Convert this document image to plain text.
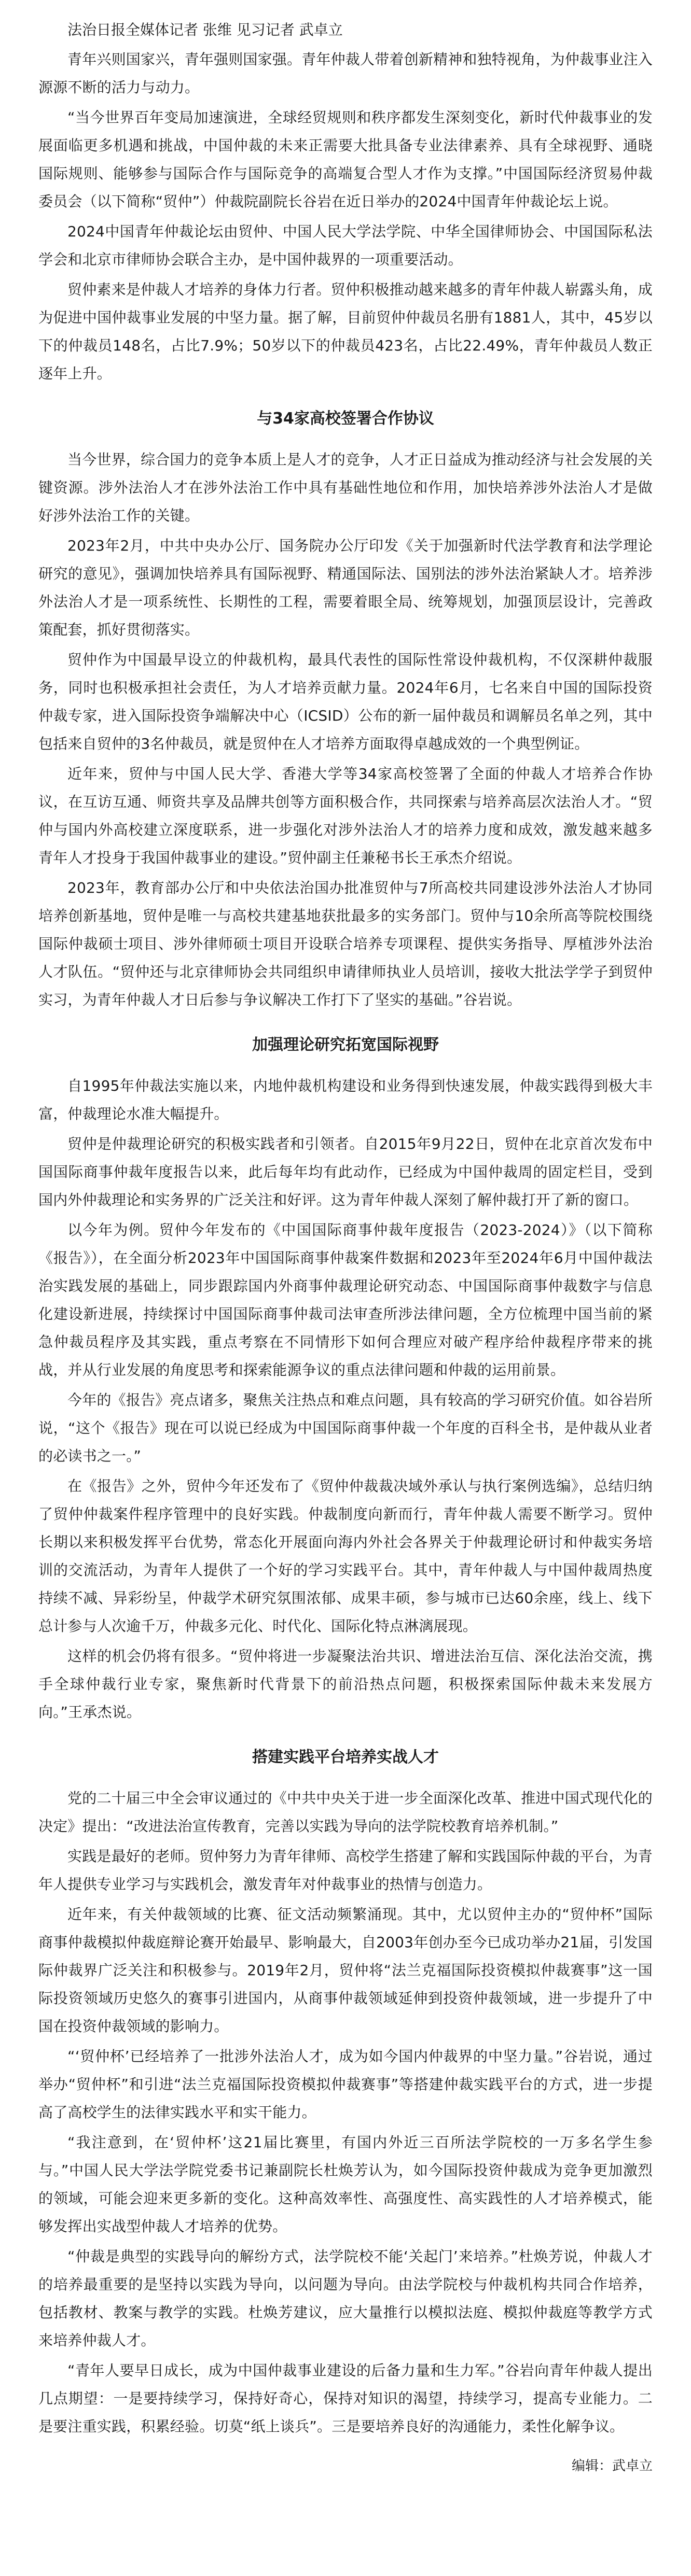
法治日报全媒体记者 张维 见习记者 武卓立

青年兴则国家兴，青年强则国家强。青年仲裁人带着创新精神和独特视角，为仲裁事业注入源源不断的活力与动力。

“当今世界百年变局加速演进，全球经贸规则和秩序都发生深刻变化，新时代仲裁事业的发展面临更多机遇和挑战，中国仲裁的未来正需要大批具备专业法律素养、具有全球视野、通晓国际规则、能够参与国际合作与国际竞争的高端复合型人才作为支撑。”中国国际经济贸易仲裁委员会（以下简称“贸仲”）仲裁院副院长谷岩在近日举办的2024中国青年仲裁论坛上说。

2024中国青年仲裁论坛由贸仲、中国人民大学法学院、中华全国律师协会、中国国际私法学会和北京市律师协会联合主办，是中国仲裁界的一项重要活动。

贸仲素来是仲裁人才培养的身体力行者。贸仲积极推动越来越多的青年仲裁人崭露头角，成为促进中国仲裁事业发展的中坚力量。据了解，目前贸仲仲裁员名册有1881人，其中，45岁以下的仲裁员148名，占比7.9%；50岁以下的仲裁员423名，占比22.49%，青年仲裁员人数正逐年上升。

与34家高校签署合作协议

当今世界，综合国力的竞争本质上是人才的竞争，人才正日益成为推动经济与社会发展的关键资源。涉外法治人才在涉外法治工作中具有基础性地位和作用，加快培养涉外法治人才是做好涉外法治工作的关键。

2023年2月，中共中央办公厅、国务院办公厅印发《关于加强新时代法学教育和法学理论研究的意见》，强调加快培养具有国际视野、精通国际法、国别法的涉外法治紧缺人才。培养涉外法治人才是一项系统性、长期性的工程，需要着眼全局、统筹规划，加强顶层设计，完善政策配套，抓好贯彻落实。

贸仲作为中国最早设立的仲裁机构，最具代表性的国际性常设仲裁机构，不仅深耕仲裁服务，同时也积极承担社会责任，为人才培养贡献力量。2024年6月，七名来自中国的国际投资仲裁专家，进入国际投资争端解决中心（ICSID）公布的新一届仲裁员和调解员名单之列，其中包括来自贸仲的3名仲裁员，就是贸仲在人才培养方面取得卓越成效的一个典型例证。

近年来，贸仲与中国人民大学、香港大学等34家高校签署了全面的仲裁人才培养合作协议，在互访互通、师资共享及品牌共创等方面积极合作，共同探索与培养高层次法治人才。“贸仲与国内外高校建立深度联系，进一步强化对涉外法治人才的培养力度和成效，激发越来越多青年人才投身于我国仲裁事业的建设。”贸仲副主任兼秘书长王承杰介绍说。

2023年，教育部办公厅和中央依法治国办批准贸仲与7所高校共同建设涉外法治人才协同培养创新基地，贸仲是唯一与高校共建基地获批最多的实务部门。贸仲与10余所高等院校围绕国际仲裁硕士项目、涉外律师硕士项目开设联合培养专项课程、提供实务指导、厚植涉外法治人才队伍。“贸仲还与北京律师协会共同组织申请律师执业人员培训，接收大批法学学子到贸仲实习，为青年仲裁人才日后参与争议解决工作打下了坚实的基础。”谷岩说。

加强理论研究拓宽国际视野

自1995年仲裁法实施以来，内地仲裁机构建设和业务得到快速发展，仲裁实践得到极大丰富，仲裁理论水准大幅提升。

贸仲是仲裁理论研究的积极实践者和引领者。自2015年9月22日，贸仲在北京首次发布中国国际商事仲裁年度报告以来，此后每年均有此动作，已经成为中国仲裁周的固定栏目，受到国内外仲裁理论和实务界的广泛关注和好评。这为青年仲裁人深刻了解仲裁打开了新的窗口。

以今年为例。贸仲今年发布的《中国国际商事仲裁年度报告（2023-2024）》（以下简称《报告》），在全面分析2023年中国国际商事仲裁案件数据和2023年至2024年6月中国仲裁法治实践发展的基础上，同步跟踪国内外商事仲裁理论研究动态、中国国际商事仲裁数字与信息化建设新进展，持续探讨中国国际商事仲裁司法审查所涉法律问题，全方位梳理中国当前的紧急仲裁员程序及其实践，重点考察在不同情形下如何合理应对破产程序给仲裁程序带来的挑战，并从行业发展的角度思考和探索能源争议的重点法律问题和仲裁的运用前景。

今年的《报告》亮点诸多，聚焦关注热点和难点问题，具有较高的学习研究价值。如谷岩所说，“这个《报告》现在可以说已经成为中国国际商事仲裁一个年度的百科全书，是仲裁从业者的必读书之一。”

在《报告》之外，贸仲今年还发布了《贸仲仲裁裁决域外承认与执行案例选编》，总结归纳了贸仲仲裁案件程序管理中的良好实践。仲裁制度向新而行，青年仲裁人需要不断学习。贸仲长期以来积极发挥平台优势，常态化开展面向海内外社会各界关于仲裁理论研讨和仲裁实务培训的交流活动，为青年人提供了一个好的学习实践平台。其中，青年仲裁人与中国仲裁周热度持续不减、异彩纷呈，仲裁学术研究氛围浓郁、成果丰硕，参与城市已达60余座，线上、线下总计参与人次逾千万，仲裁多元化、时代化、国际化特点淋漓展现。

这样的机会仍将有很多。“贸仲将进一步凝聚法治共识、增进法治互信、深化法治交流，携手全球仲裁行业专家，聚焦新时代背景下的前沿热点问题，积极探索国际仲裁未来发展方向。”王承杰说。

搭建实践平台培养实战人才

党的二十届三中全会审议通过的《中共中央关于进一步全面深化改革、推进中国式现代化的决定》提出：“改进法治宣传教育，完善以实践为导向的法学院校教育培养机制。”

实践是最好的老师。贸仲努力为青年律师、高校学生搭建了解和实践国际仲裁的平台，为青年人提供专业学习与实践机会，激发青年对仲裁事业的热情与创造力。

近年来，有关仲裁领域的比赛、征文活动频繁涌现。其中，尤以贸仲主办的“贸仲杯”国际商事仲裁模拟仲裁庭辩论赛开始最早、影响最大，自2003年创办至今已成功举办21届，引发国际仲裁界广泛关注和积极参与。2019年2月，贸仲将“法兰克福国际投资模拟仲裁赛事”这一国际投资领域历史悠久的赛事引进国内，从商事仲裁领域延伸到投资仲裁领域，进一步提升了中国在投资仲裁领域的影响力。

“‘贸仲杯’已经培养了一批涉外法治人才，成为如今国内仲裁界的中坚力量。”谷岩说，通过举办“贸仲杯”和引进“法兰克福国际投资模拟仲裁赛事”等搭建仲裁实践平台的方式，进一步提高了高校学生的法律实践水平和实干能力。

“我注意到，在‘贸仲杯’这21届比赛里，有国内外近三百所法学院校的一万多名学生参与。”中国人民大学法学院党委书记兼副院长杜焕芳认为，如今国际投资仲裁成为竞争更加激烈的领域，可能会迎来更多新的变化。这种高效率性、高强度性、高实践性的人才培养模式，能够发挥出实战型仲裁人才培养的优势。

“仲裁是典型的实践导向的解纷方式，法学院校不能‘关起门’来培养。”杜焕芳说，仲裁人才的培养最重要的是坚持以实践为导向，以问题为导向。由法学院校与仲裁机构共同合作培养，包括教材、教案与教学的实践。杜焕芳建议，应大量推行以模拟法庭、模拟仲裁庭等教学方式来培养仲裁人才。

“青年人要早日成长，成为中国仲裁事业建设的后备力量和生力军。”谷岩向青年仲裁人提出几点期望：一是要持续学习，保持好奇心，保持对知识的渴望，持续学习，提高专业能力。二是要注重实践，积累经验。切莫“纸上谈兵”。三是要培养良好的沟通能力，柔性化解争议。

编辑：武卓立
